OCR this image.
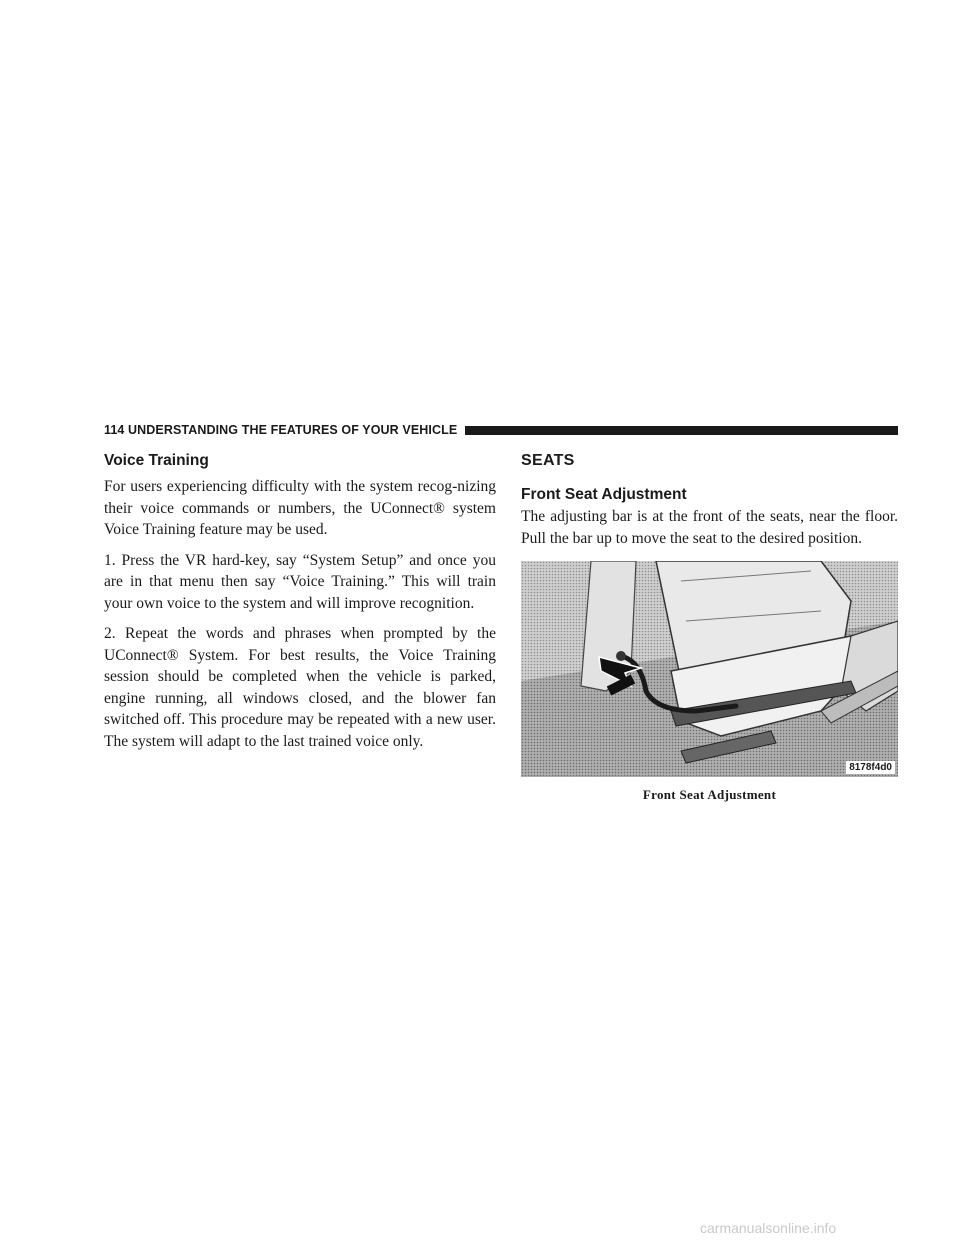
114 UNDERSTANDING THE FEATURES OF YOUR VEHICLE
Voice Training

For users experiencing difficulty with the system recog-nizing their voice commands or numbers, the UConnect® system Voice Training feature may be used.

1. Press the VR hard-key, say “System Setup” and once you are in that menu then say “Voice Training.” This will train your own voice to the system and will improve recognition.

2. Repeat the words and phrases when prompted by the UConnect® System. For best results, the Voice Training session should be completed when the vehicle is parked, engine running, all windows closed, and the blower fan switched off. This procedure may be repeated with a new user. The system will adapt to the last trained voice only.

SEATS
Front Seat Adjustment

The adjusting bar is at the front of the seats, near the floor. Pull the bar up to move the seat to the desired position.

8178f4d0
Front Seat Adjustment
carmanualsonline.info
